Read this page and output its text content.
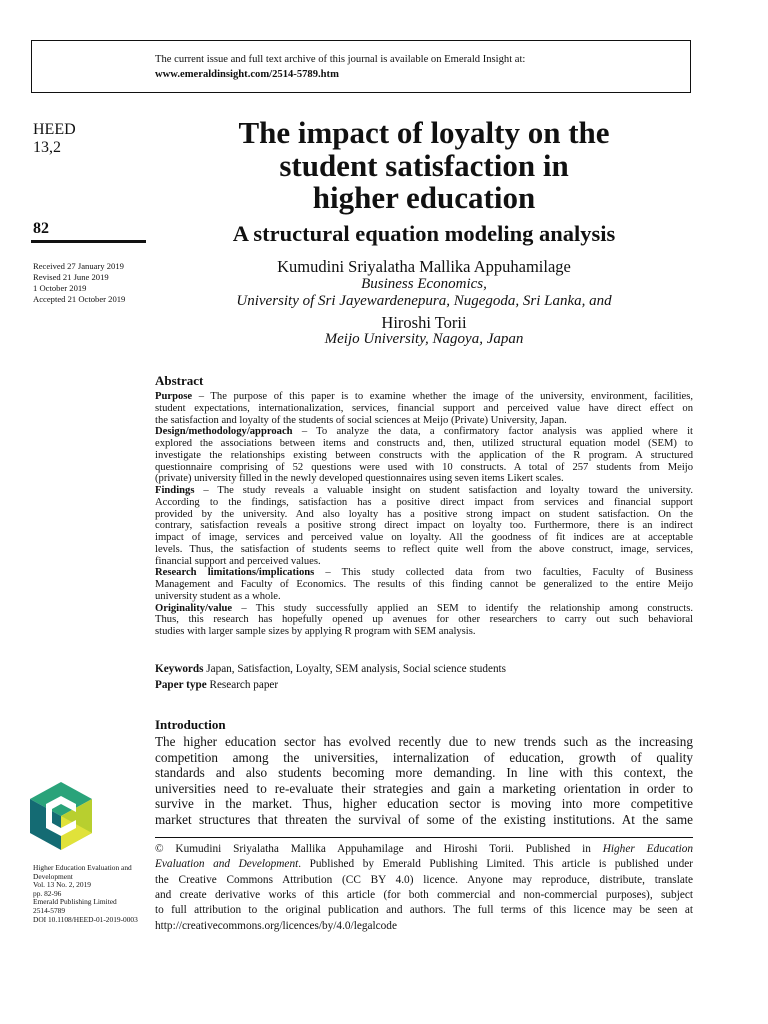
The current issue and full text archive of this journal is available on Emerald Insight at:
www.emeraldinsight.com/2514-5789.htm
HEED
13,2
82
Received 27 January 2019
Revised 21 June 2019
1 October 2019
Accepted 21 October 2019
The impact of loyalty on the
student satisfaction in
higher education
A structural equation modeling analysis
Kumudini Sriyalatha Mallika Appuhamilage
Business Economics,
University of Sri Jayewardenepura, Nugegoda, Sri Lanka, and
Hiroshi Torii
Meijo University, Nagoya, Japan
Abstract
Purpose – The purpose of this paper is to examine whether the image of the university, environment, facilities,
student expectations, internationalization, services, financial support and perceived value have direct effect on
the satisfaction and loyalty of the students of social sciences at Meijo (Private) University, Japan.
Design/methodology/approach – To analyze the data, a confirmatory factor analysis was applied where it
explored the associations between items and constructs and, then, utilized structural equation model (SEM) to
investigate the relationships existing between constructs with the application of the R program. A structured
questionnaire comprising of 52 questions were used with 10 constructs. A total of 257 students from Meijo
(private) university filled in the newly developed questionnaires using seven items Likert scales.
Findings – The study reveals a valuable insight on student satisfaction and loyalty toward the university.
According to the findings, satisfaction has a positive direct impact from services and financial support
provided by the university. And also loyalty has a positive strong impact on student satisfaction. On the
contrary, satisfaction reveals a positive strong direct impact on loyalty too. Furthermore, there is an indirect
impact of image, services and perceived value on loyalty. All the goodness of fit indices are at acceptable
levels. Thus, the satisfaction of students seems to reflect quite well from the above construct, image, services,
financial support and perceived values.
Research limitations/implications – This study collected data from two faculties, Faculty of Business
Management and Faculty of Economics. The results of this finding cannot be generalized to the entire Meijo
university student as a whole.
Originality/value – This study successfully applied an SEM to identify the relationship among constructs.
Thus, this research has hopefully opened up avenues for other researchers to carry out such behavioral
studies with larger sample sizes by applying R program with SEM analysis.
Keywords Japan, Satisfaction, Loyalty, SEM analysis, Social science students
Paper type Research paper
Introduction
The higher education sector has evolved recently due to new trends such as the increasing
competition among the universities, internalization of education, growth of quality
standards and also students becoming more demanding. In line with this context, the
universities need to re-evaluate their strategies and gain a marketing orientation in order to
survive in the market. Thus, higher education sector is moving into more competitive
market structures that threaten the survival of some of the existing institutions. At the same
© Kumudini Sriyalatha Mallika Appuhamilage and Hiroshi Torii. Published in Higher Education
Evaluation and Development. Published by Emerald Publishing Limited. This article is published under
the Creative Commons Attribution (CC BY 4.0) licence. Anyone may reproduce, distribute, translate
and create derivative works of this article (for both commercial and non-commercial purposes), subject
to full attribution to the original publication and authors. The full terms of this licence may be seen at
http://creativecommons.org/licences/by/4.0/legalcode
Higher Education Evaluation and
Development
Vol. 13 No. 2, 2019
pp. 82-96
Emerald Publishing Limited
2514-5789
DOI 10.1108/HEED-01-2019-0003
